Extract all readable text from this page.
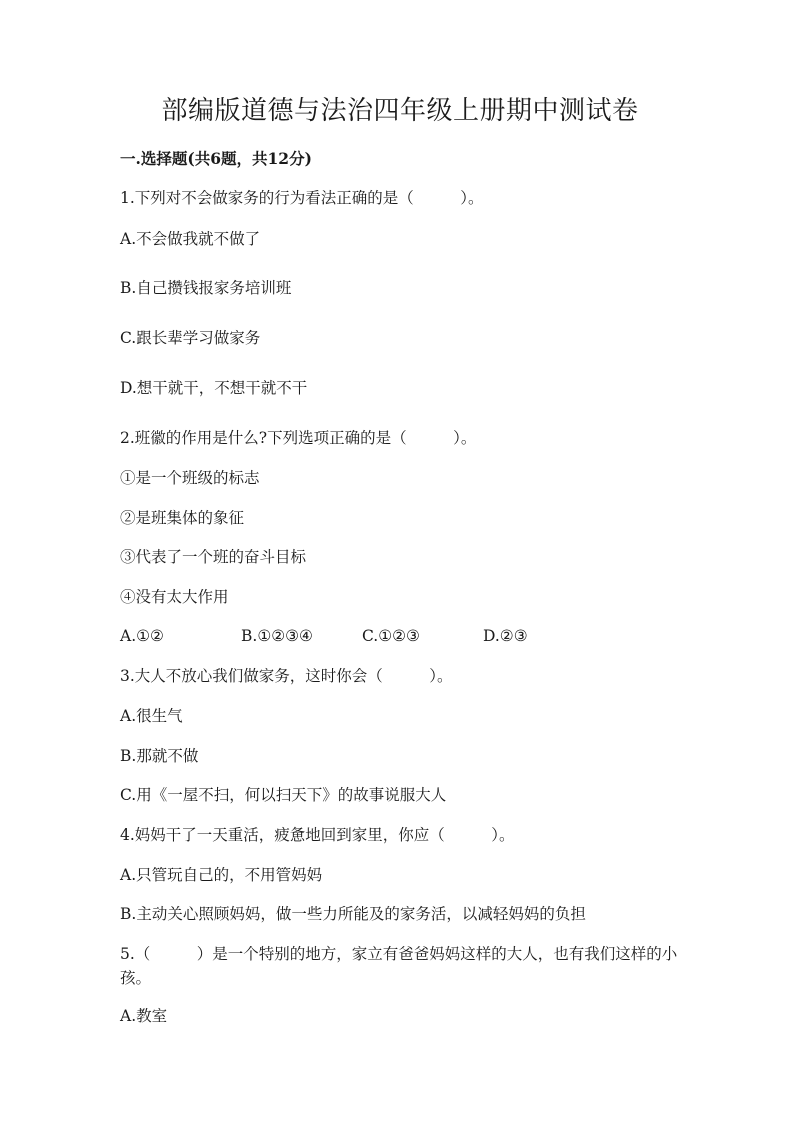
部编版道德与法治四年级上册期中测试卷
一.选择题(共6题，共12分)
1.下列对不会做家务的行为看法正确的是（　　　）。
A.不会做我就不做了
B.自己攒钱报家务培训班
C.跟长辈学习做家务
D.想干就干，不想干就不干
2.班徽的作用是什么?下列选项正确的是（　　　）。
①是一个班级的标志
②是班集体的象征
③代表了一个班的奋斗目标
④没有太大作用
A.①②	B.①②③④	C.①②③	D.②③
3.大人不放心我们做家务，这时你会（　　　）。
A.很生气
B.那就不做
C.用《一屋不扫，何以扫天下》的故事说服大人
4.妈妈干了一天重活，疲惫地回到家里，你应（　　　）。
A.只管玩自己的，不用管妈妈
B.主动关心照顾妈妈，做一些力所能及的家务活，以减轻妈妈的负担
5.（　　　）是一个特别的地方，家立有爸爸妈妈这样的大人，也有我们这样的小孩。
A.教室
